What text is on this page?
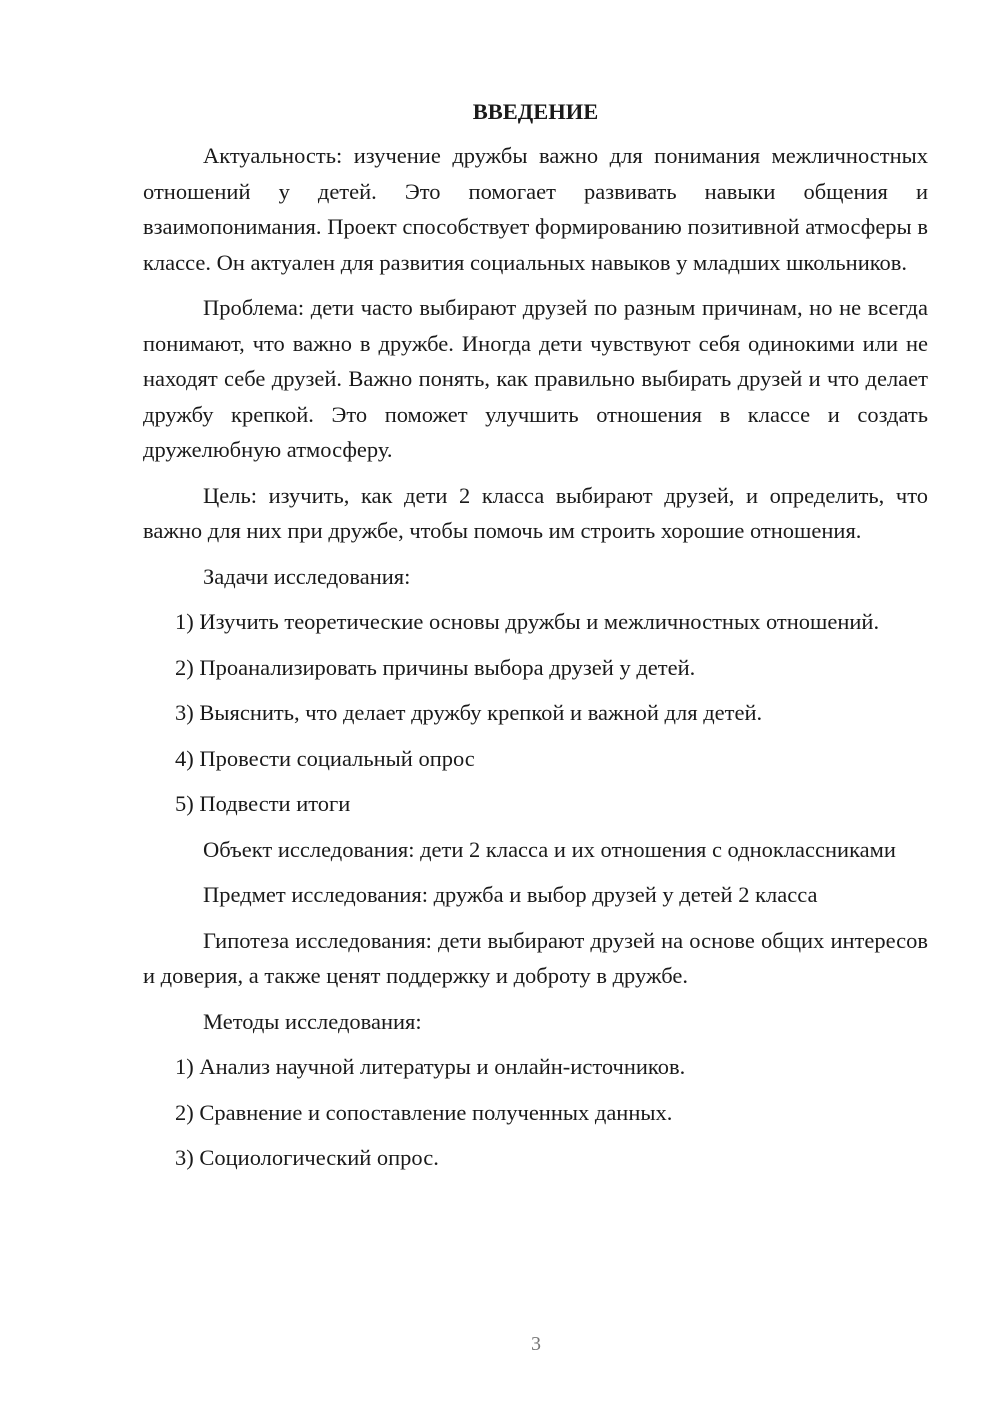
ВВЕДЕНИЕ

Актуальность: изучение дружбы важно для понимания межличностных отношений у детей. Это помогает развивать навыки общения и взаимопонимания. Проект способствует формированию позитивной атмосферы в классе. Он актуален для развития социальных навыков у младших школьников.

Проблема: дети часто выбирают друзей по разным причинам, но не всегда понимают, что важно в дружбе. Иногда дети чувствуют себя одинокими или не находят себе друзей. Важно понять, как правильно выбирать друзей и что делает дружбу крепкой. Это поможет улучшить отношения в классе и создать дружелюбную атмосферу.

Цель: изучить, как дети 2 класса выбирают друзей, и определить, что важно для них при дружбе, чтобы помочь им строить хорошие отношения.

Задачи исследования:

1) Изучить теоретические основы дружбы и межличностных отношений.

2) Проанализировать причины выбора друзей у детей.

3) Выяснить, что делает дружбу крепкой и важной для детей.

4) Провести социальный опрос

5) Подвести итоги

Объект исследования: дети 2 класса и их отношения с одноклассниками

Предмет исследования: дружба и выбор друзей у детей 2 класса

Гипотеза исследования: дети выбирают друзей на основе общих интересов и доверия, а также ценят поддержку и доброту в дружбе.

Методы исследования:

1) Анализ научной литературы и онлайн-источников.

2) Сравнение и сопоставление полученных данных.

3) Социологический опрос.

3
